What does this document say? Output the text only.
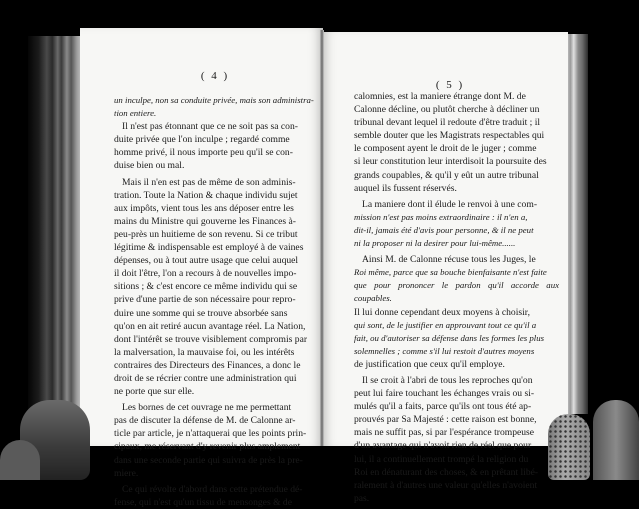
( 4 )
un inculpe, non sa conduite privée, mais son administra-
tion entiere.
Il n'est pas étonnant que ce ne soit pas sa con-
duite privée que l'on inculpe ; regardé comme
homme privé, il nous importe peu qu'il se con-
duise bien ou mal.
Mais il n'en est pas de même de son adminis-
tration. Toute la Nation & chaque individu sujet
aux impôts, vient tous les ans déposer entre les
mains du Ministre qui gouverne les Finances à-
peu-près un huitieme de son revenu. Si ce tribut
légitime & indispensable est employé à de vaines
dépenses, ou à tout autre usage que celui auquel
il doit l'être, l'on a recours à de nouvelles impo-
sitions ; & c'est encore ce même individu qui se
prive d'une partie de son nécessaire pour repro-
duire une somme qui se trouve absorbée sans
qu'on en ait retiré aucun avantage réel. La Nation,
dont l'intérêt se trouve visiblement compromis par
la malversation, la mauvaise foi, ou les intérêts
contraires des Directeurs des Finances, a donc le
droit de se récrier contre une administration qui
ne porte que sur elle.
Les bornes de cet ouvrage ne me permettant
pas de discuter la défense de M. de Calonne ar-
ticle par article, je n'attaquerai que les points prin-
cipaux, me réservant d'y revenir plus amplement
dans une seconde partie qui suivra de près la pre-
miere.
Ce qui révolte d'abord dans cette prétendue dé-
fense, qui n'est qu'un tissu de mensonges & de
( 5 )
calomnies, est la maniere étrange dont M. de
Calonne décline, ou plutôt cherche à décliner un
tribunal devant lequel il redoute d'être traduit ; il
semble douter que les Magistrats respectables qui
le composent ayent le droit de le juger ; comme
si leur constitution leur interdisoit la poursuite des
grands coupables, & qu'il y eût un autre tribunal
auquel ils fussent réservés.
La maniere dont il élude le renvoi à une com-
mission n'est pas moins extraordinaire : il n'en a,
dit-il, jamais été d'avis pour personne, & il ne peut
ni la proposer ni la desirer pour lui-même......
Ainsi M. de Calonne récuse tous les Juges, le
Roi même, parce que sa bouche bienfaisante n'est faite
que pour prononcer le pardon qu'il accorde aux coupables.
Il lui donne cependant deux moyens à choisir,
qui sont, de le justifier en approuvant tout ce qu'il a
fait, ou d'autoriser sa défense dans les formes les plus
solemnelles ; comme s'il lui restoit d'autres moyens
de justification que ceux qu'il employe.
Il se croit à l'abri de tous les reproches qu'on
peut lui faire touchant les échanges vrais ou si-
mulés qu'il a faits, parce qu'ils ont tous été ap-
prouvés par Sa Majesté : cette raison est bonne,
mais ne suffit pas, si par l'espérance trompeuse
d'un avantage qui n'avoit rien de réel que pour
lui, il a continuellement trompé la religion du
Roi en dénaturant des choses, & en prêtant libé-
ralement à d'autres une valeur qu'elles n'avoient
pas.
